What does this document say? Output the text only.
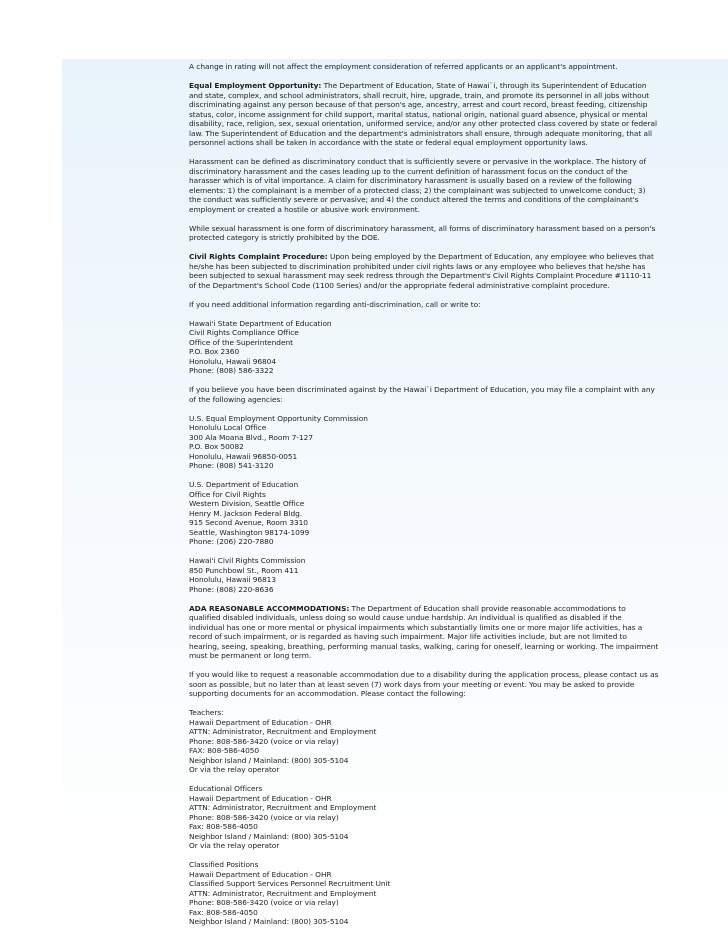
A change in rating will not affect the employment consideration of referred applicants or an applicant's appointment.

Equal Employment Opportunity: The Department of Education, State of Hawai`i, through its Superintendent of Education and state, complex, and school administrators, shall recruit, hire, upgrade, train, and promote its personnel in all jobs without discriminating against any person because of that person's age, ancestry, arrest and court record, breast feeding, citizenship status, color, income assignment for child support, marital status, national origin, national guard absence, physical or mental disability, race, religion, sex, sexual orientation, uniformed service, and/or any other protected class covered by state or federal law. The Superintendent of Education and the department's administrators shall ensure, through adequate monitoring, that all personnel actions shall be taken in accordance with the state or federal equal employment opportunity laws.

Harassment can be defined as discriminatory conduct that is sufficiently severe or pervasive in the workplace. The history of discriminatory harassment and the cases leading up to the current definition of harassment focus on the conduct of the harasser which is of vital importance. A claim for discriminatory harassment is usually based on a review of the following elements: 1) the complainant is a member of a protected class; 2) the complainant was subjected to unwelcome conduct; 3) the conduct was sufficiently severe or pervasive; and 4) the conduct altered the terms and conditions of the complainant's employment or created a hostile or abusive work environment.

While sexual harassment is one form of discriminatory harassment, all forms of discriminatory harassment based on a person's protected category is strictly prohibited by the DOE.

Civil Rights Complaint Procedure: Upon being employed by the Department of Education, any employee who believes that he/she has been subjected to discrimination prohibited under civil rights laws or any employee who believes that he/she has been subjected to sexual harassment may seek redress through the Department's Civil Rights Complaint Procedure #1110-11 of the Department's School Code (1100 Series) and/or the appropriate federal administrative complaint procedure.

If you need additional information regarding anti-discrimination, call or write to:

Hawai'i State Department of Education
Civil Rights Compliance Office
Office of the Superintendent
P.O. Box 2360
Honolulu, Hawaii 96804
Phone: (808) 586-3322

If you believe you have been discriminated against by the Hawai`i Department of Education, you may file a complaint with any of the following agencies:

U.S. Equal Employment Opportunity Commission
Honolulu Local Office
300 Ala Moana Blvd., Room 7-127
P.O. Box 50082
Honolulu, Hawaii 96850-0051
Phone: (808) 541-3120

U.S. Department of Education
Office for Civil Rights
Western Division, Seattle Office
Henry M. Jackson Federal Bldg.
915 Second Avenue, Room 3310
Seattle, Washington 98174-1099
Phone: (206) 220-7880

Hawai'i Civil Rights Commission
850 Punchbowl St., Room 411
Honolulu, Hawaii 96813
Phone: (808) 220-8636

ADA REASONABLE ACCOMMODATIONS: The Department of Education shall provide reasonable accommodations to qualified disabled individuals, unless doing so would cause undue hardship. An individual is qualified as disabled if the individual has one or more mental or physical impairments which substantially limits one or more major life activities, has a record of such impairment, or is regarded as having such impairment. Major life activities include, but are not limited to hearing, seeing, speaking, breathing, performing manual tasks, walking, caring for oneself, learning or working. The impairment must be permanent or long term.

If you would like to request a reasonable accommodation due to a disability during the application process, please contact us as soon as possible, but no later than at least seven (7) work days from your meeting or event. You may be asked to provide supporting documents for an accommodation. Please contact the following:

Teachers:
Hawaii Department of Education - OHR
ATTN: Administrator, Recruitment and Employment
Phone: 808-586-3420 (voice or via relay)
FAX: 808-586-4050
Neighbor Island / Mainland: (800) 305-5104
Or via the relay operator

Educational Officers
Hawaii Department of Education - OHR
ATTN: Administrator, Recruitment and Employment
Phone: 808-586-3420 (voice or via relay)
Fax: 808-586-4050
Neighbor Island / Mainland: (800) 305-5104
Or via the relay operator

Classified Positions
Hawaii Department of Education - OHR
Classified Support Services Personnel Recruitment Unit
ATTN: Administrator, Recruitment and Employment
Phone: 808-586-3420 (voice or via relay)
Fax: 808-586-4050
Neighbor Island / Mainland: (800) 305-5104
